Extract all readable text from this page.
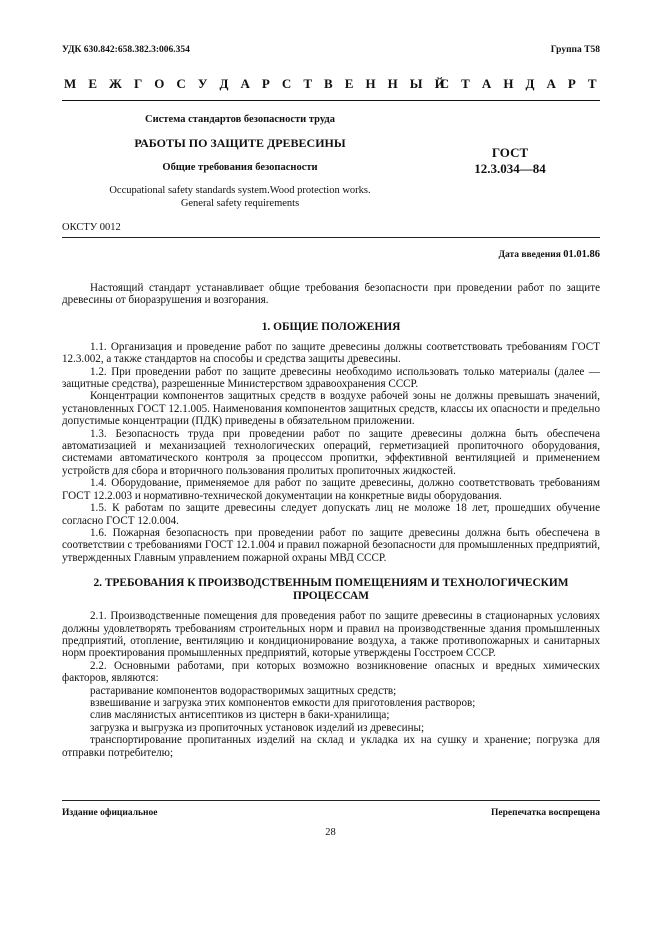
УДК 630.842:658.382.3:006.354	Группа Т58
М Е Ж Г О С У Д А Р С Т В Е Н Н Ы Й
С Т А Н Д А Р Т
Система стандартов безопасности труда
РАБОТЫ ПО ЗАЩИТЕ ДРЕВЕСИНЫ
Общие требования безопасности
Occupational safety standards system.Wood protection works.
General safety requirements
ГОСТ
12.3.034—84
ОКСТУ 0012
Дата введения 01.01.86

Настоящий стандарт устанавливает общие требования безопасности при проведении работ по защите древесины от биоразрушения и возгорания.

1. ОБЩИЕ ПОЛОЖЕНИЯ

1.1. Организация и проведение работ по защите древесины должны соответствовать требованиям ГОСТ 12.3.002, а также стандартов на способы и средства защиты древесины.

1.2. При проведении работ по защите древесины необходимо использовать только материалы (далее — защитные средства), разрешенные Министерством здравоохранения СССР.

Концентрации компонентов защитных средств в воздухе рабочей зоны не должны превышать значений, установленных ГОСТ 12.1.005. Наименования компонентов защитных средств, классы их опасности и предельно допустимые концентрации (ПДК) приведены в обязательном приложении.

1.3. Безопасность труда при проведении работ по защите древесины должна быть обеспечена автоматизацией и механизацией технологических операций, герметизацией пропиточного оборудования, системами автоматического контроля за процессом пропитки, эффективной вентиляцией и применением устройств для сбора и вторичного пользования пролитых пропиточных жидкостей.

1.4. Оборудование, применяемое для работ по защите древесины, должно соответствовать требованиям ГОСТ 12.2.003 и нормативно-технической документации на конкретные виды оборудования.

1.5. К работам по защите древесины следует допускать лиц не моложе 18 лет, прошедших обучение согласно ГОСТ 12.0.004.

1.6. Пожарная безопасность при проведении работ по защите древесины должна быть обеспечена в соответствии с требованиями ГОСТ 12.1.004 и правил пожарной безопасности для промышленных предприятий, утвержденных Главным управлением пожарной охраны МВД СССР.

2. ТРЕБОВАНИЯ К ПРОИЗВОДСТВЕННЫМ ПОМЕЩЕНИЯМ И ТЕХНОЛОГИЧЕСКИМ
ПРОЦЕССАМ

2.1. Производственные помещения для проведения работ по защите древесины в стационарных условиях должны удовлетворять требованиям строительных норм и правил на производственные здания промышленных предприятий, отопление, вентиляцию и кондиционирование воздуха, а также противопожарных и санитарных норм проектирования промышленных предприятий, которые утверждены Госстроем СССР.

2.2. Основными работами, при которых возможно возникновение опасных и вредных химических факторов, являются:

растаривание компонентов водорастворимых защитных средств;

взвешивание и загрузка этих компонентов емкости для приготовления растворов;

слив маслянистых антисептиков из цистерн в баки-хранилища;

загрузка и выгрузка из пропиточных установок изделий из древесины;

транспортирование пропитанных изделий на склад и укладка их на сушку и хранение; погрузка для отправки потребителю;

Издание официальное	Перепечатка воспрещена
28
